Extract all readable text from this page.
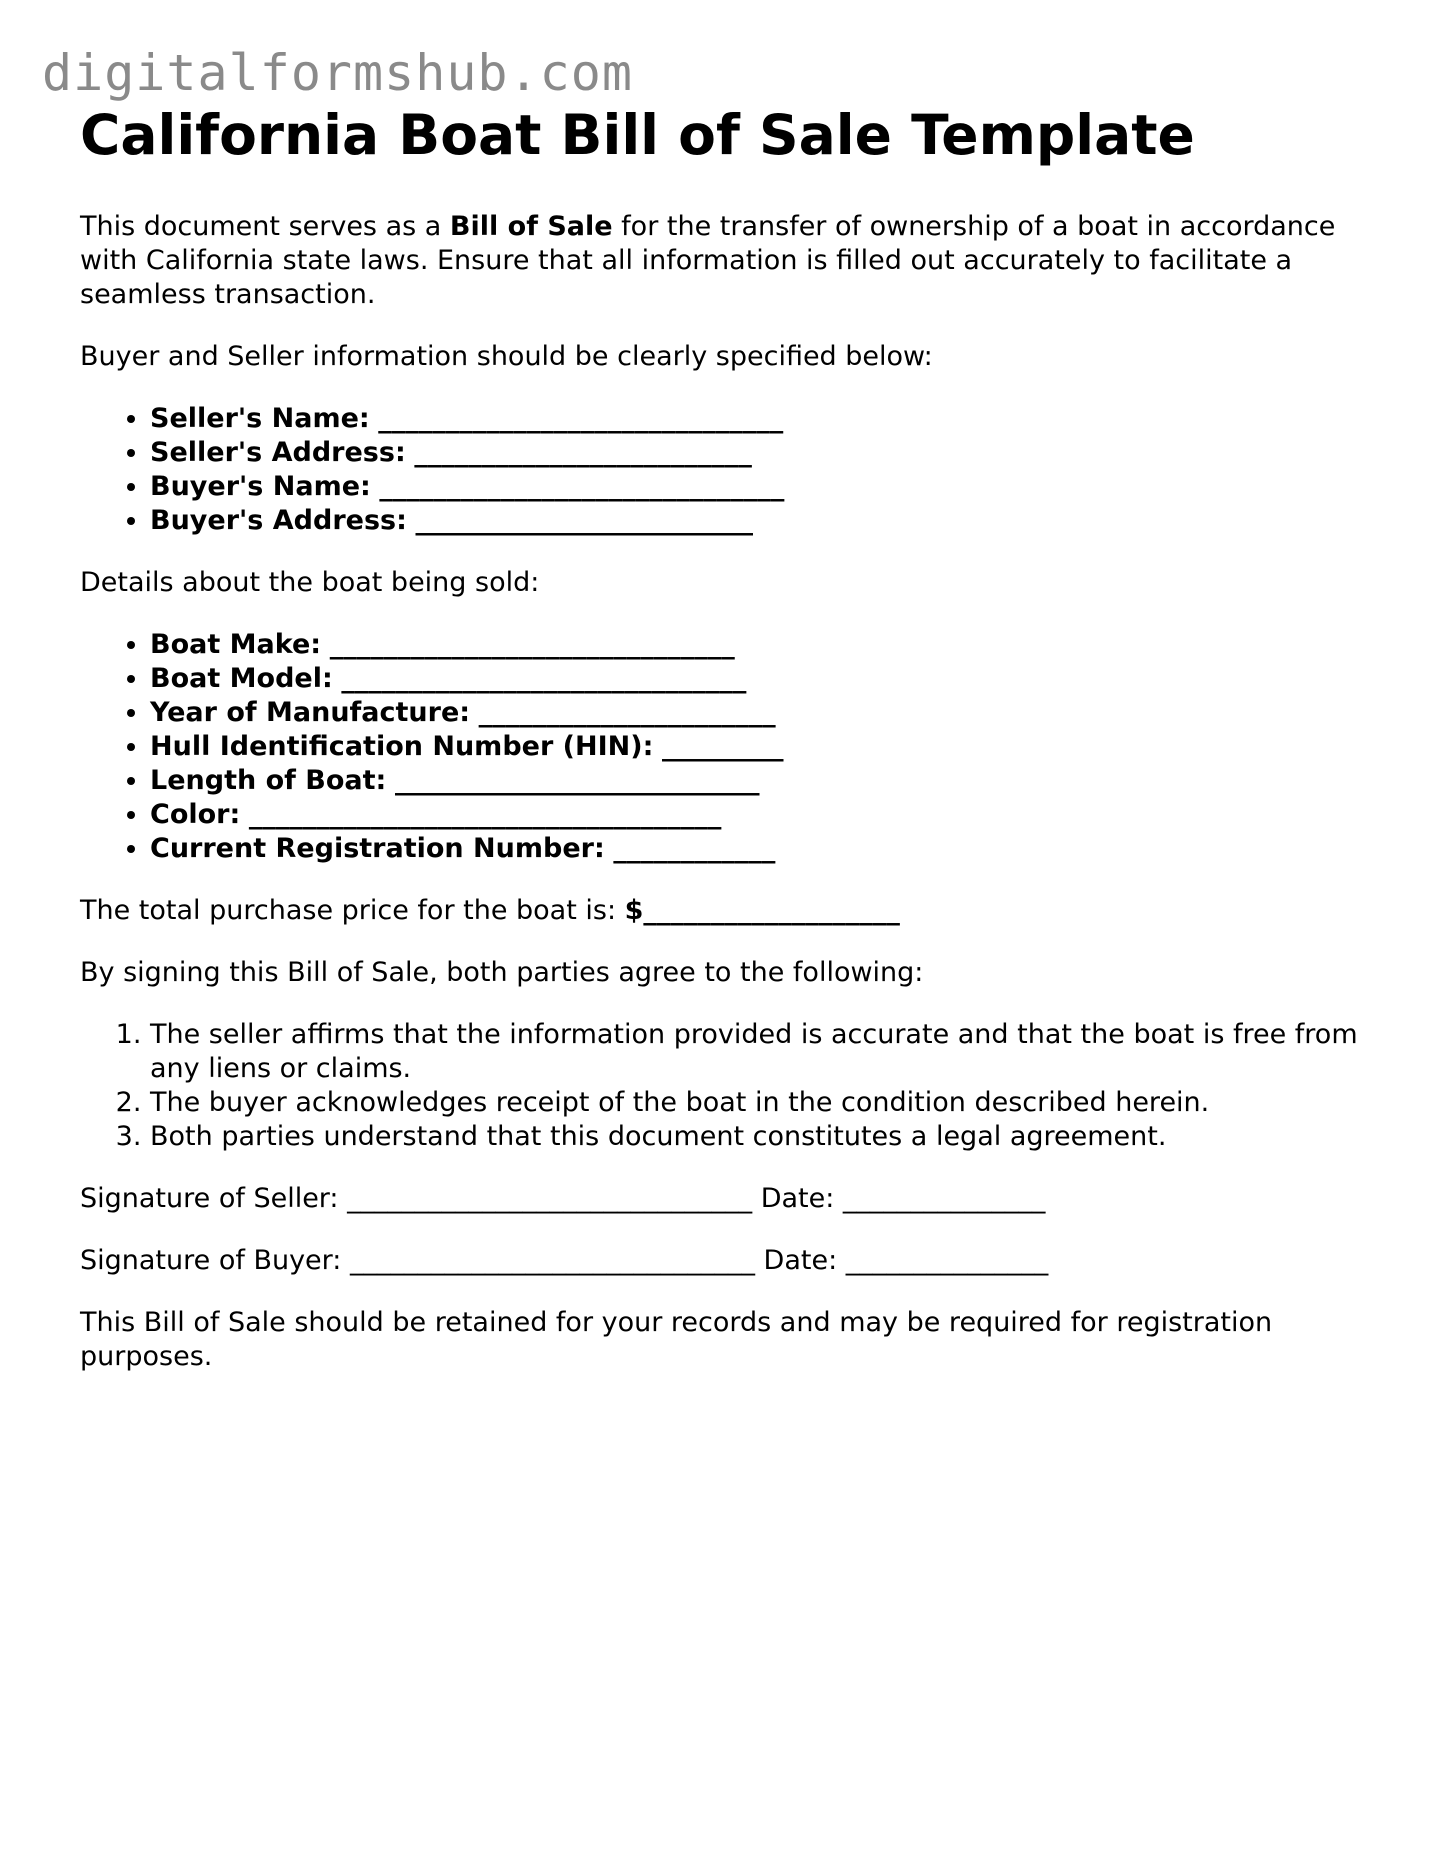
digitalformshub.com
California Boat Bill of Sale Template

This document serves as a Bill of Sale for the transfer of ownership of a boat in accordance with California state laws. Ensure that all information is filled out accurately to facilitate a seamless transaction.

Buyer and Seller information should be clearly specified below:

• Seller's Name: ______________________________
• Seller's Address: _________________________
• Buyer's Name: ______________________________
• Buyer's Address: _________________________

Details about the boat being sold:

• Boat Make: ______________________________
• Boat Model: ______________________________
• Year of Manufacture: ______________________
• Hull Identification Number (HIN): _________
• Length of Boat: ___________________________
• Color: ___________________________________
• Current Registration Number: ____________

The total purchase price for the boat is: $___________________

By signing this Bill of Sale, both parties agree to the following:

1. The seller affirms that the information provided is accurate and that the boat is free from any liens or claims.
2. The buyer acknowledges receipt of the boat in the condition described herein.
3. Both parties understand that this document constitutes a legal agreement.

Signature of Seller: ______________________________ Date: _______________

Signature of Buyer: ______________________________ Date: _______________

This Bill of Sale should be retained for your records and may be required for registration purposes.
